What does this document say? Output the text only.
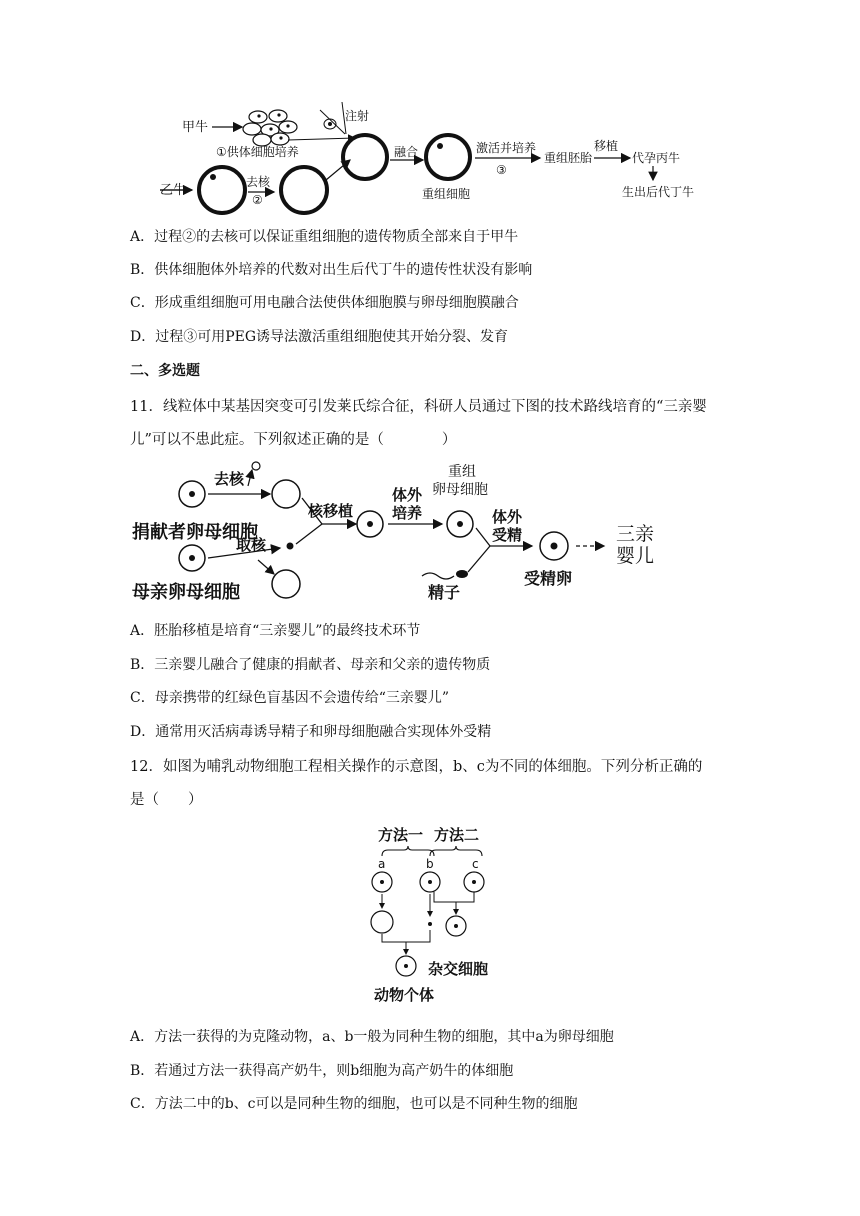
甲牛
①供体细胞培养
注射
乙牛
去核
②
融合
重组细胞
激活并培养
③
重组胚胎
移植
代孕丙牛
生出后代丁牛
A．过程②的去核可以保证重组细胞的遗传物质全部来自于甲牛
B．供体细胞体外培养的代数对出生后代丁牛的遗传性状没有影响
C．形成重组细胞可用电融合法使供体细胞膜与卵母细胞膜融合
D．过程③可用PEG诱导法激活重组细胞使其开始分裂、发育
二、多选题
11．线粒体中某基因突变可引发莱氏综合征，科研人员通过下图的技术路线培育的“三亲婴
儿”可以不患此症。下列叙述正确的是（　　　　）
去核
捐献者卵母细胞
取核
母亲卵母细胞
核移植
体外
培养
重组
卵母细胞
体外
受精
精子
受精卵
三亲
婴儿
A．胚胎移植是培育“三亲婴儿”的最终技术环节
B．三亲婴儿融合了健康的捐献者、母亲和父亲的遗传物质
C．母亲携带的红绿色盲基因不会遗传给“三亲婴儿”
D．通常用灭活病毒诱导精子和卵母细胞融合实现体外受精
12．如图为哺乳动物细胞工程相关操作的示意图，b、c为不同的体细胞。下列分析正确的
是（　　）
方法一 方法二
a	b	c
动物个体
杂交细胞
A．方法一获得的为克隆动物，a、b一般为同种生物的细胞，其中a为卵母细胞
B．若通过方法一获得高产奶牛，则b细胞为高产奶牛的体细胞
C．方法二中的b、c可以是同种生物的细胞，也可以是不同种生物的细胞
